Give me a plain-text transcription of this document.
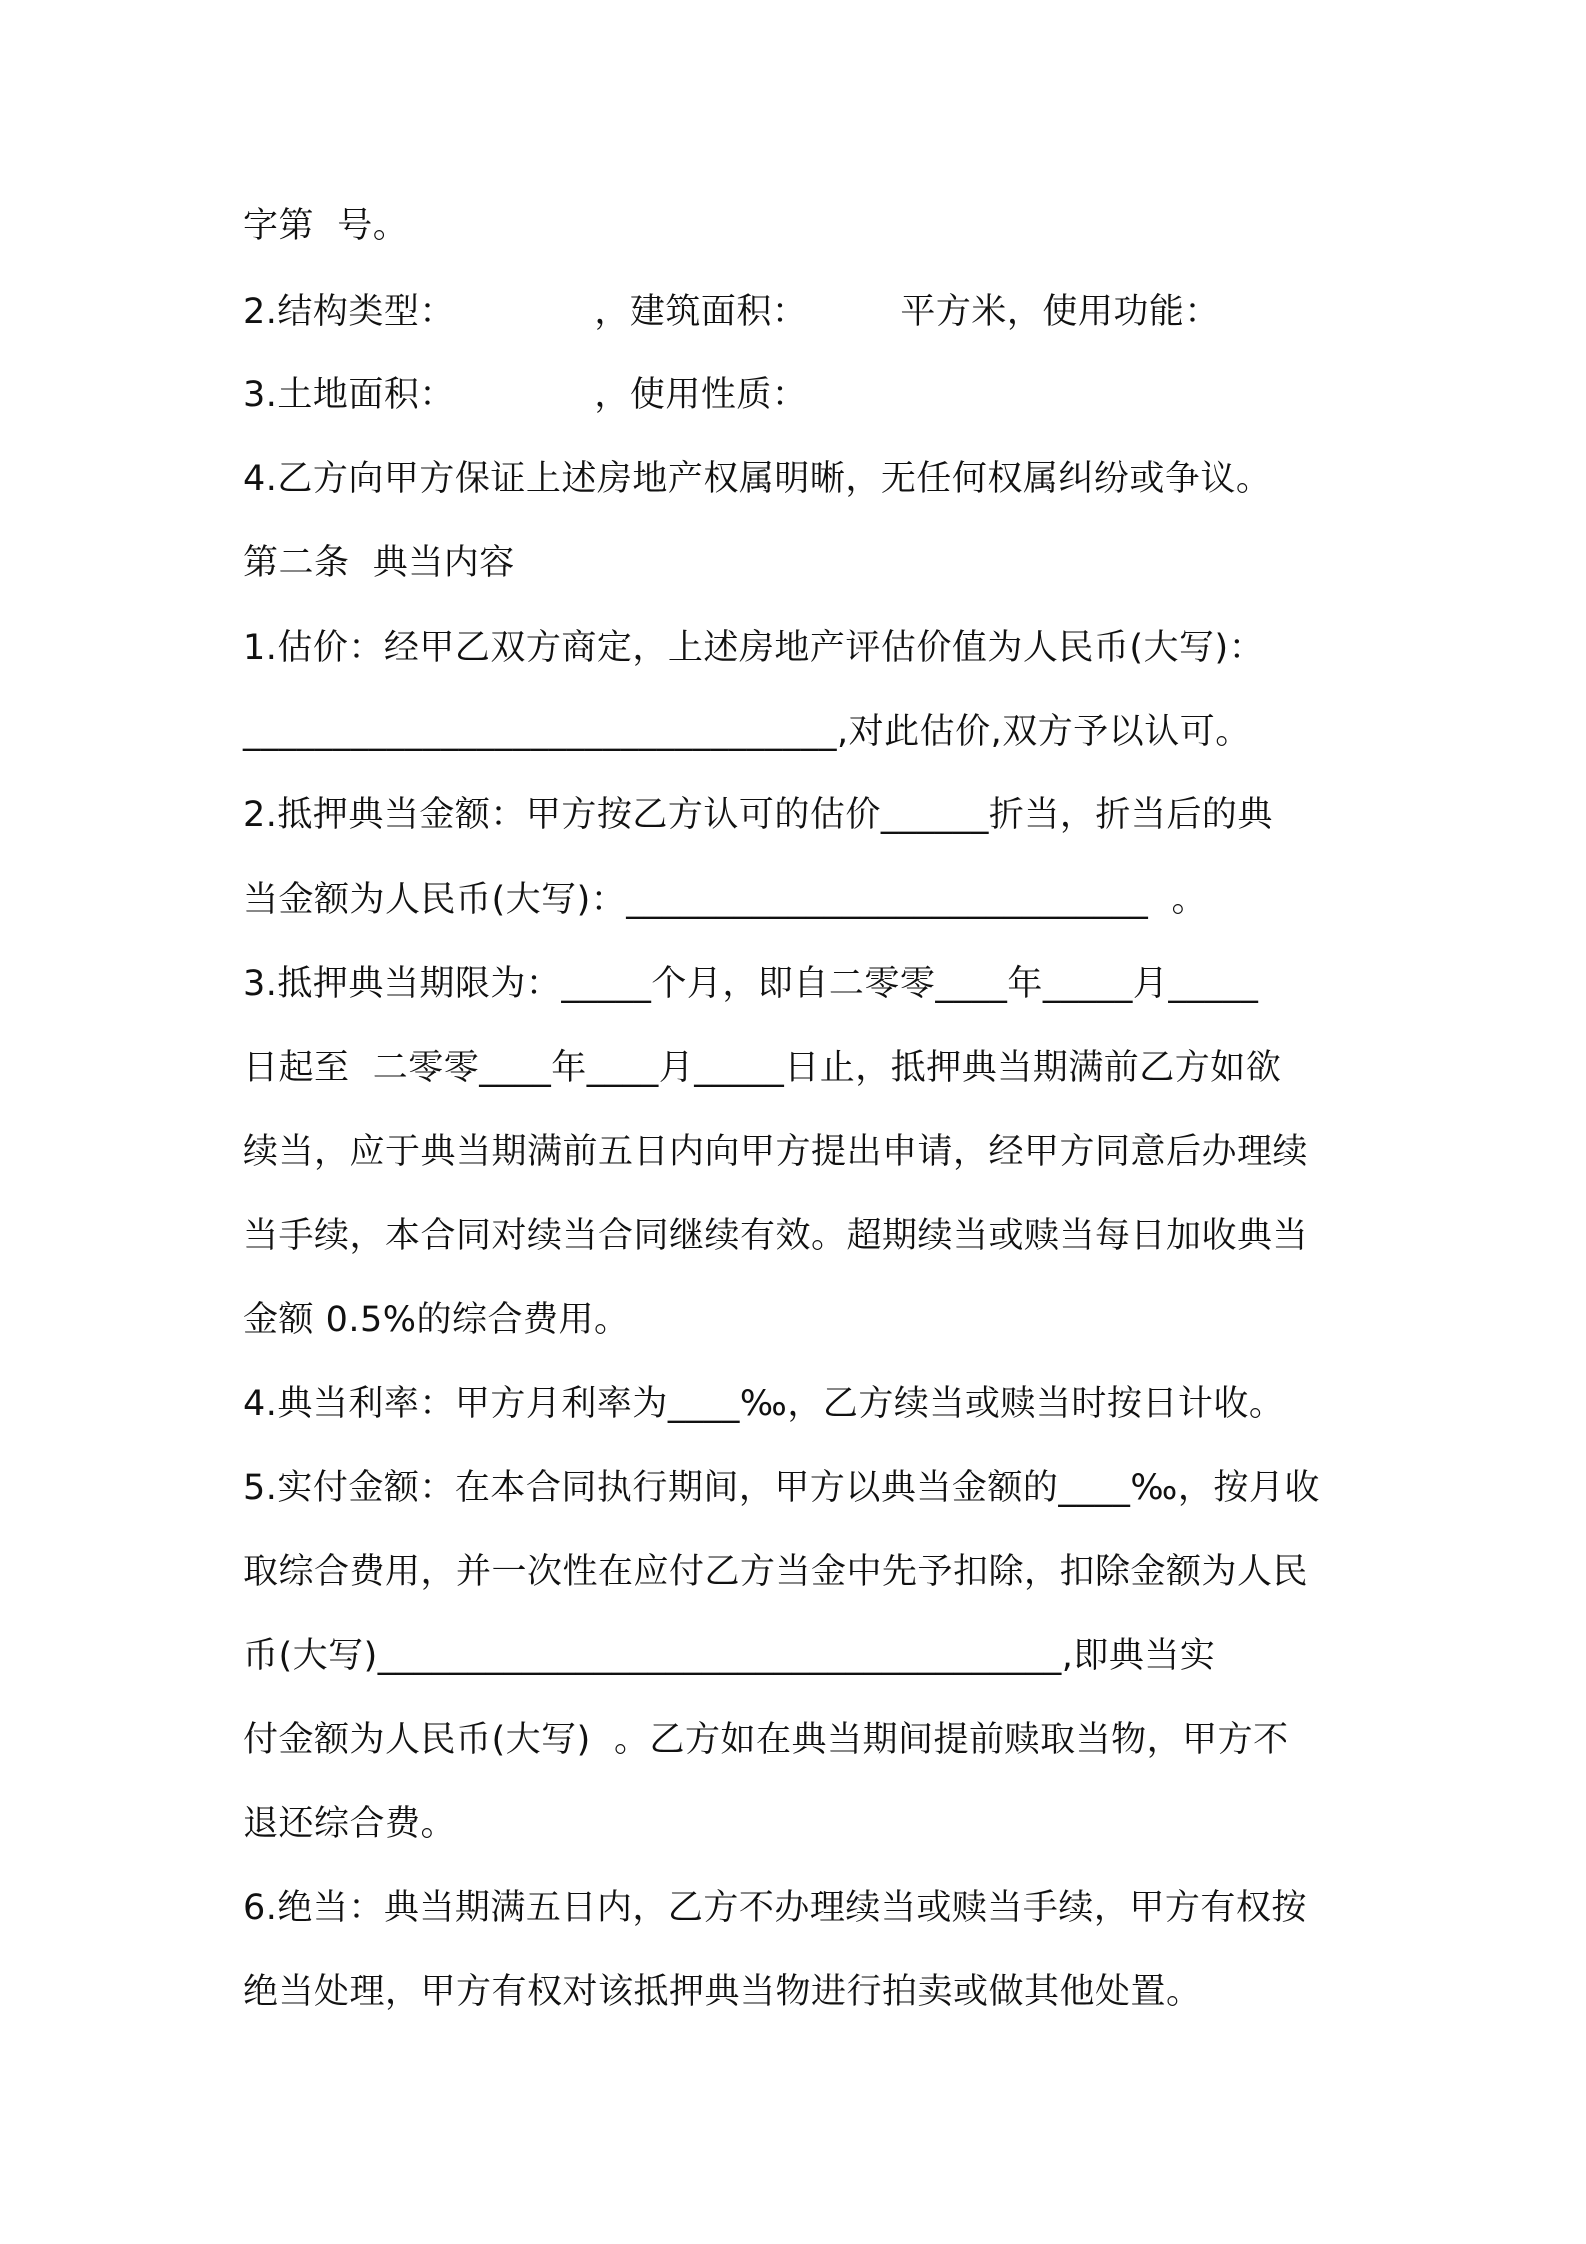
字第  号。
2.结构类型：            ，建筑面积：        平方米，使用功能：
3.土地面积：            ，使用性质：
4.乙方向甲方保证上述房地产权属明晰，无任何权属纠纷或争议。
第二条  典当内容
1.估价：经甲乙双方商定，上述房地产评估价值为人民币(大写)：
_________________________________,对此估价,双方予以认可。
2.抵押典当金额：甲方按乙方认可的估价______折当，折当后的典
当金额为人民币(大写)：_____________________________  。
3.抵押典当期限为：_____个月，即自二零零____年_____月_____
日起至  二零零____年____月_____日止，抵押典当期满前乙方如欲
续当，应于典当期满前五日内向甲方提出申请，经甲方同意后办理续
当手续，本合同对续当合同继续有效。超期续当或赎当每日加收典当
金额 0.5%的综合费用。
4.典当利率：甲方月利率为____‰，乙方续当或赎当时按日计收。
5.实付金额：在本合同执行期间，甲方以典当金额的____‰，按月收
取综合费用，并一次性在应付乙方当金中先予扣除，扣除金额为人民
币(大写)______________________________________,即典当实
付金额为人民币(大写)  。乙方如在典当期间提前赎取当物，甲方不
退还综合费。
6.绝当：典当期满五日内，乙方不办理续当或赎当手续，甲方有权按
绝当处理，甲方有权对该抵押典当物进行拍卖或做其他处置。
